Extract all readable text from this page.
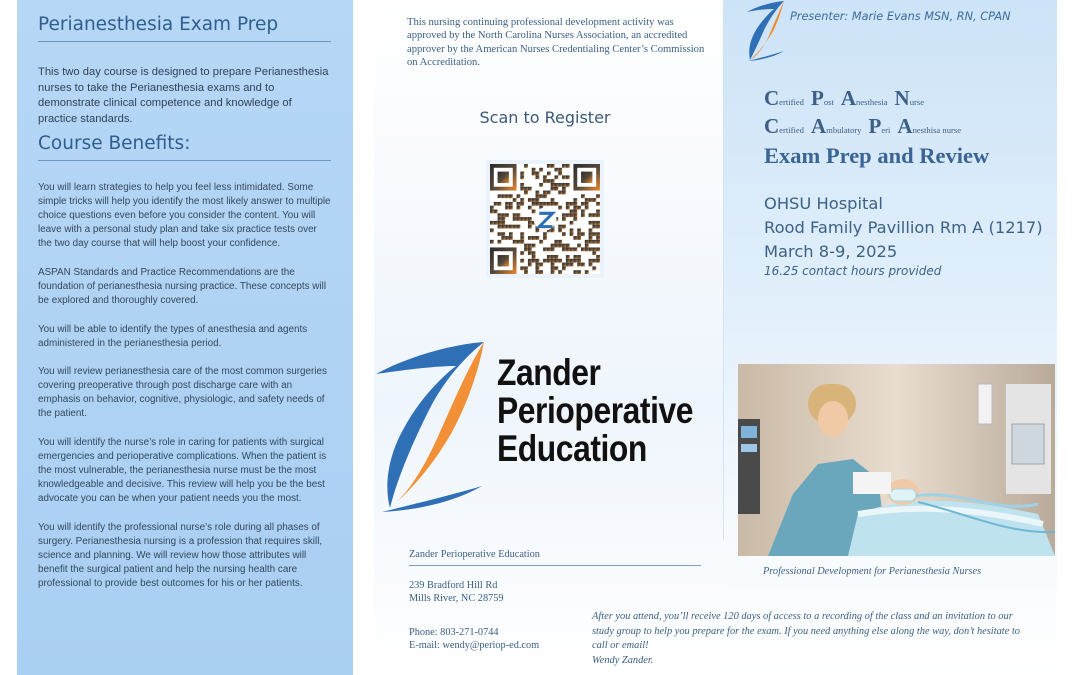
Perianesthesia Exam Prep

This two day course is designed to prepare Perianesthesia nurses to take the Perianesthesia exams and to demonstrate clinical competence and knowledge of practice standards.

Course Benefits:

You will learn strategies to help you feel less intimidated. Some simple tricks will help you identify the most likely answer to multiple choice questions even before you consider the content. You will leave with a personal study plan and take six practice tests over the two day course that will help boost your confidence.

ASPAN Standards and Practice Recommendations are the foundation of perianesthesia nursing practice. These concepts will be explored and thoroughly covered.

You will be able to identify the types of anesthesia and agents administered in the perianesthesia period.

You will review perianesthesia care of the most common surgeries covering preoperative through post discharge care with an emphasis on behavior, cognitive, physiologic, and safety needs of the patient.

You will identify the nurse’s role in caring for patients with surgical emergencies and perioperative complications. When the patient is the most vulnerable, the perianesthesia nurse must be the most knowledgeable and decisive. This review will help you be the best advocate you can be when your patient needs you the most.

You will identify the professional nurse’s role during all phases of surgery. Perianesthesia nursing is a profession that requires skill, science and planning. We will review how those attributes will benefit the surgical patient and help the nursing health care professional to provide best outcomes for his or her patients.

This nursing continuing professional development activity was approved by the North Carolina Nurses Association, an accredited approver by the American Nurses Credentialing Center’s Commission on Accreditation.

Scan to Register
Zander
Perioperative
Education
Zander Perioperative Education
239 Bradford Hill Rd
Mills River, NC 28759
Phone: 803-271-0744
E-mail: wendy@periop-ed.com
Presenter: Marie Evans MSN, RN, CPAN
Certified Post Anesthesia Nurse
Certified Ambulatory Peri Anesthisa nurse
Exam Prep and Review
OHSU Hospital
Rood Family Pavillion Rm A (1217)
March 8-9, 2025
16.25 contact hours provided
Professional Development for Perianesthesia Nurses
After you attend, you’ll receive 120 days of access to a recording of the class and an invitation to our study group to help you prepare for the exam. If you need anything else along the way, don’t hesitate to call or email!
Wendy Zander.
